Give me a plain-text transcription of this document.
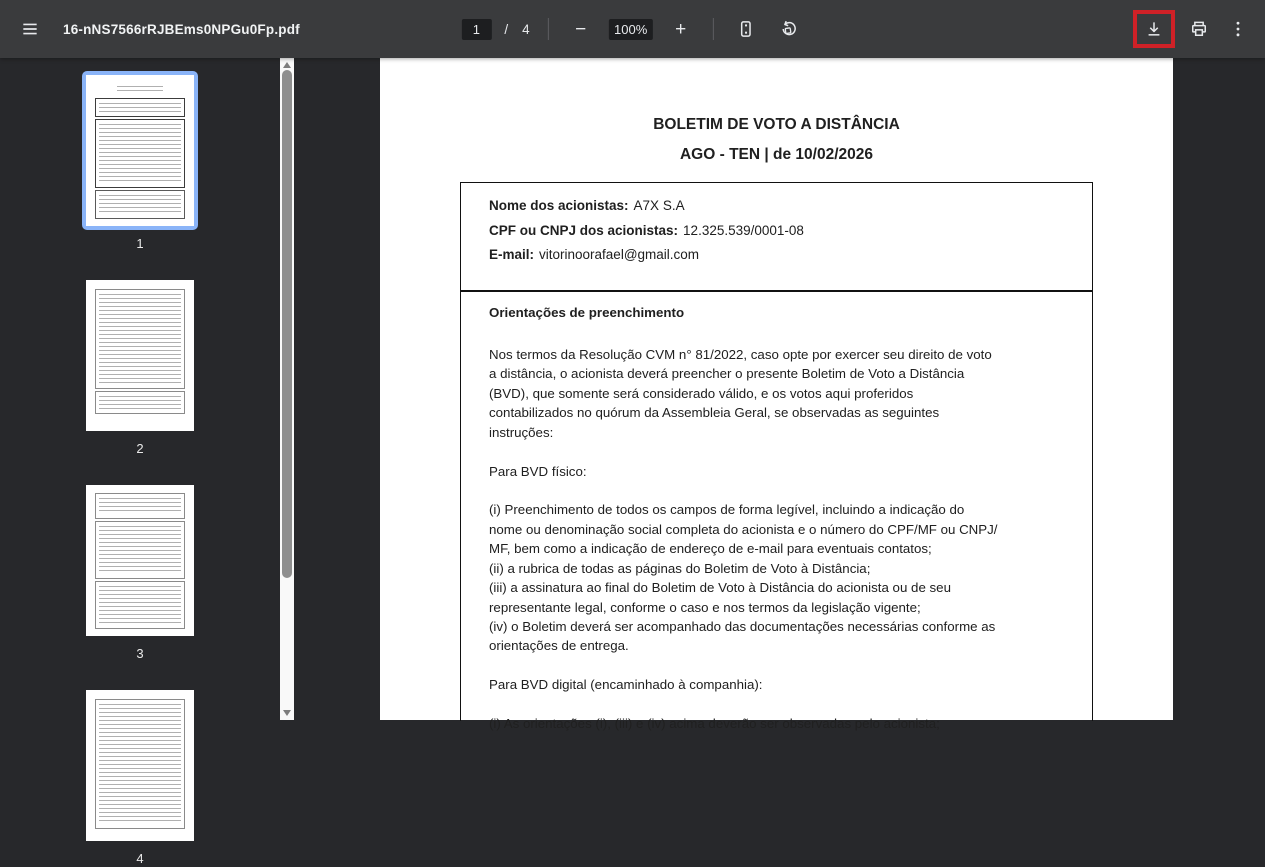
16-nNS7566rRJBEms0NPGu0Fp.pdf
1	/ 4	−	100%	+
1
2
3
4
BOLETIM DE VOTO A DISTÂNCIA
AGO - TEN | de 10/02/2026
Nome dos acionistas: A7X S.A
CPF ou CNPJ dos acionistas: 12.325.539/0001-08
E-mail: vitorinoorafael@gmail.com
Orientações de preenchimento
Nos termos da Resolução CVM n° 81/2022, caso opte por exercer seu direito de voto
a distância, o acionista deverá preencher o presente Boletim de Voto a Distância
(BVD), que somente será considerado válido, e os votos aqui proferidos
contabilizados no quórum da Assembleia Geral, se observadas as seguintes
instruções:
Para BVD físico:
(i) Preenchimento de todos os campos de forma legível, incluindo a indicação do
nome ou denominação social completa do acionista e o número do CPF/MF ou CNPJ/
MF, bem como a indicação de endereço de e-mail para eventuais contatos;
(ii) a rubrica de todas as páginas do Boletim de Voto à Distância;
(iii) a assinatura ao final do Boletim de Voto à Distância do acionista ou de seu
representante legal, conforme o caso e nos termos da legislação vigente;
(iv) o Boletim deverá ser acompanhado das documentações necessárias conforme as
orientações de entrega.
Para BVD digital (encaminhado à companhia):
(i) As orientações (i), (iii) e (iv) acima deverão ser observadas pelo acionista;
